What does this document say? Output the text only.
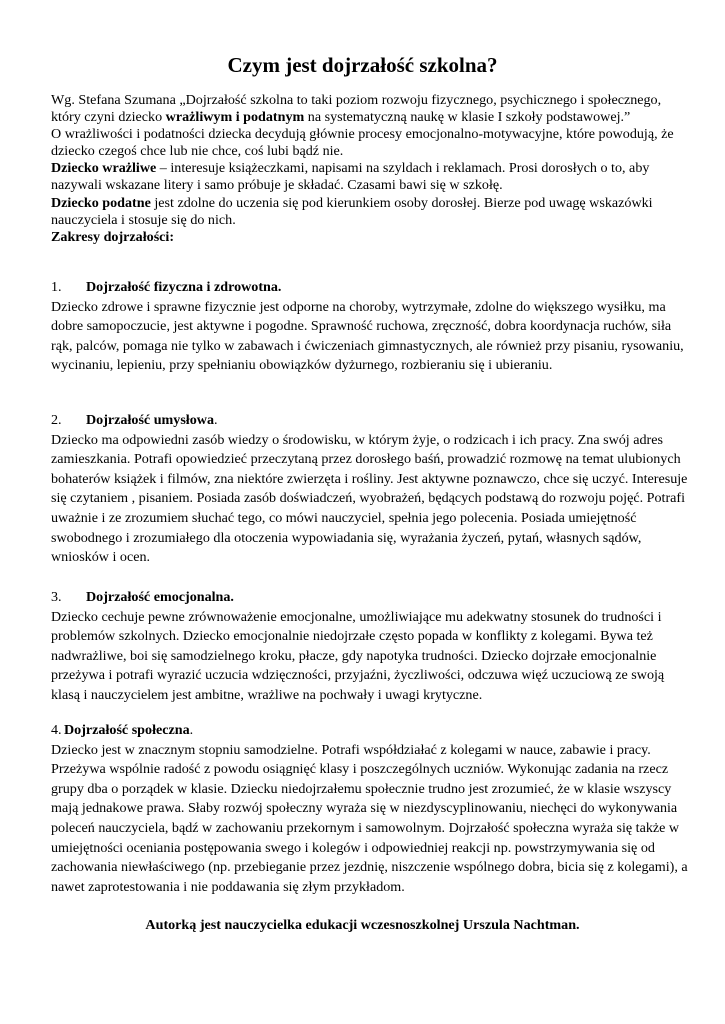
Czym jest dojrzałość szkolna?

Wg. Stefana Szumana „Dojrzałość szkolna to taki poziom rozwoju fizycznego, psychicznego i społecznego, który czyni dziecko wrażliwym i podatnym na systematyczną naukę w klasie I szkoły podstawowej.”

O wrażliwości i podatności dziecka decydują głównie procesy emocjonalno-motywacyjne, które powodują, że dziecko czegoś chce lub nie chce, coś lubi bądź nie.

Dziecko wrażliwe – interesuje książeczkami, napisami na szyldach i reklamach. Prosi dorosłych o to, aby nazywali wskazane litery i samo próbuje je składać. Czasami bawi się w szkołę.

Dziecko podatne jest zdolne do uczenia się pod kierunkiem osoby dorosłej. Bierze pod uwagę wskazówki nauczyciela i stosuje się do nich.

Zakresy dojrzałości:

1. Dojrzałość fizyczna i zdrowotna.

Dziecko zdrowe i sprawne fizycznie jest odporne na choroby, wytrzymałe, zdolne do większego wysiłku, ma dobre samopoczucie, jest aktywne i pogodne. Sprawność ruchowa, zręczność, dobra koordynacja ruchów, siła rąk, palców, pomaga nie tylko w zabawach i ćwiczeniach gimnastycznych, ale również przy pisaniu, rysowaniu, wycinaniu, lepieniu, przy spełnianiu obowiązków dyżurnego, rozbieraniu się i ubieraniu.

2. Dojrzałość umysłowa.

Dziecko ma odpowiedni zasób wiedzy o środowisku, w którym żyje, o rodzicach i ich pracy. Zna swój adres zamieszkania. Potrafi opowiedzieć przeczytaną przez dorosłego baśń, prowadzić rozmowę na temat ulubionych bohaterów książek i filmów, zna niektóre zwierzęta i rośliny. Jest aktywne poznawczo, chce się uczyć. Interesuje się czytaniem , pisaniem. Posiada zasób doświadczeń, wyobrażeń, będących podstawą do rozwoju pojęć. Potrafi uważnie i ze zrozumiem słuchać tego, co mówi nauczyciel, spełnia jego polecenia. Posiada umiejętność swobodnego i zrozumiałego dla otoczenia wypowiadania się, wyrażania życzeń, pytań, własnych sądów, wniosków i ocen.

3. Dojrzałość emocjonalna.

Dziecko cechuje pewne zrównoważenie emocjonalne, umożliwiające mu adekwatny stosunek do trudności i problemów szkolnych. Dziecko emocjonalnie niedojrzałe często popada w konflikty z kolegami. Bywa też nadwrażliwe, boi się samodzielnego kroku, płacze, gdy napotyka trudności. Dziecko dojrzałe emocjonalnie przeżywa i potrafi wyrazić uczucia wdzięczności, przyjaźni, życzliwości, odczuwa więź uczuciową ze swoją klasą i nauczycielem jest ambitne, wrażliwe na pochwały i uwagi krytyczne.

4. Dojrzałość społeczna.

Dziecko jest w znacznym stopniu samodzielne. Potrafi współdziałać z kolegami w nauce, zabawie i pracy. Przeżywa wspólnie radość z powodu osiągnięć klasy i poszczególnych uczniów. Wykonując zadania na rzecz grupy dba o porządek w klasie. Dziecku niedojrzałemu społecznie trudno jest zrozumieć, że w klasie wszyscy mają jednakowe prawa. Słaby rozwój społeczny wyraża się w niezdyscyplinowaniu, niechęci do wykonywania poleceń nauczyciela, bądź w zachowaniu przekornym i samowolnym. Dojrzałość społeczna wyraża się także w umiejętności oceniania postępowania swego i kolegów i odpowiedniej reakcji np. powstrzymywania się od zachowania niewłaściwego (np. przebieganie przez jezdnię, niszczenie wspólnego dobra, bicia się z kolegami), a nawet zaprotestowania i nie poddawania się złym przykładom.

Autorką jest nauczycielka edukacji wczesnoszkolnej Urszula Nachtman.
